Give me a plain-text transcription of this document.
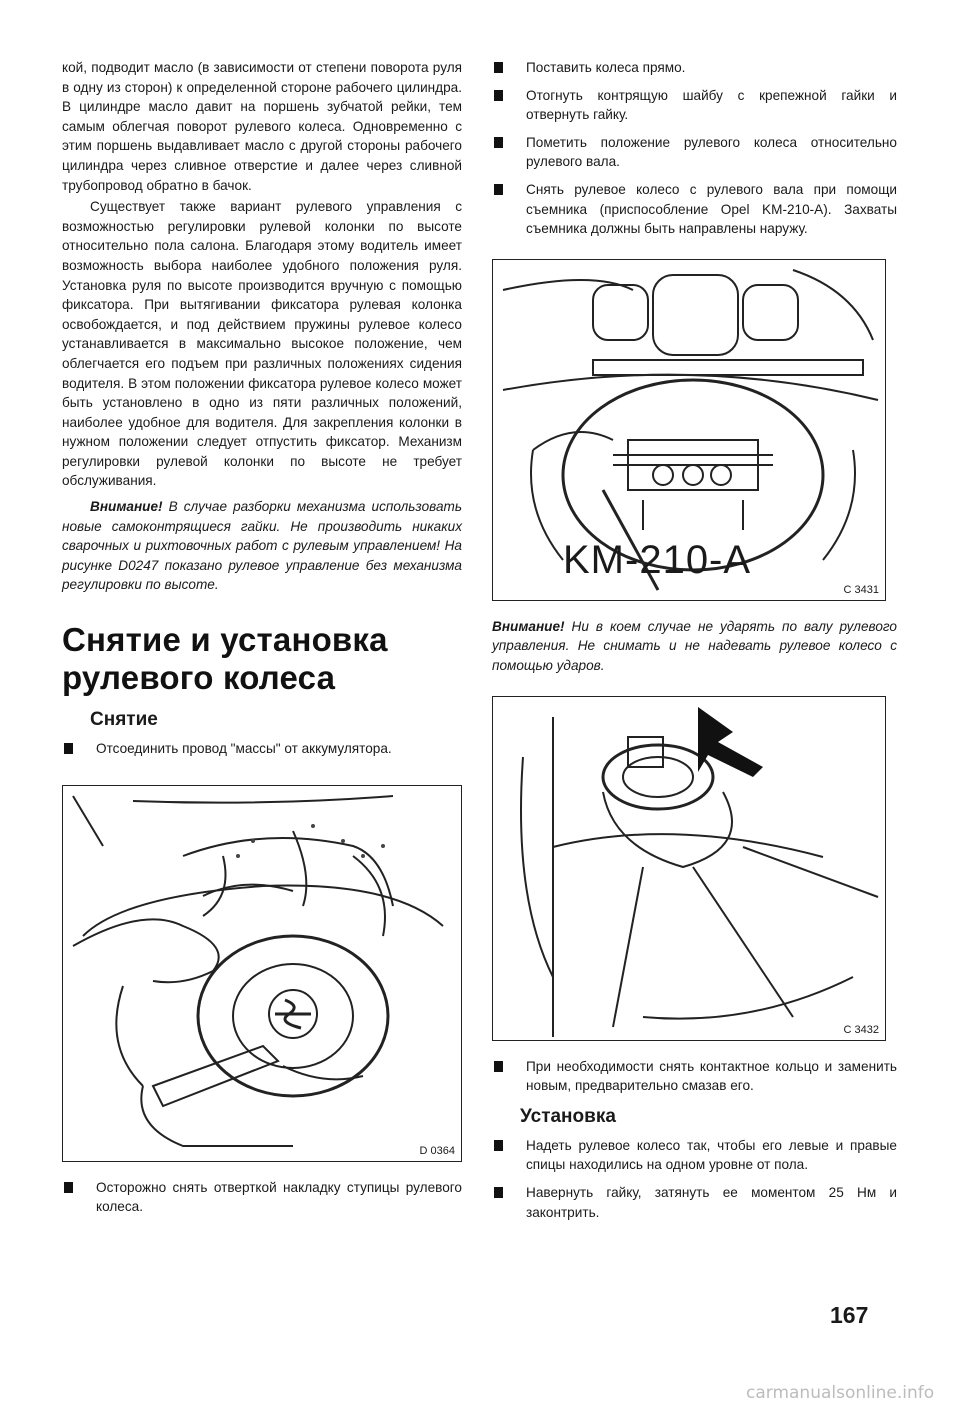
кой, подводит масло (в зависимости от степени поворота руля в одну из сторон) к определенной стороне рабочего цилиндра. В цилиндре масло давит на поршень зубчатой рейки, тем самым облегчая поворот рулевого колеса. Одновременно с этим поршень выдавливает масло с другой стороны рабочего цилиндра через сливное отверстие и далее через сливной трубопровод обратно в бачок.

Существует также вариант рулевого управления с возможностью регулировки рулевой колонки по высоте относительно пола салона. Благодаря этому водитель имеет возможность выбора наиболее удобного положения руля. Установка руля по высоте производится вручную с помощью фиксатора. При вытягивании фиксатора рулевая колонка освобождается, и под действием пружины рулевое колесо устанавливается в максимально высокое положение, чем облегчается его подъем при различных положениях сидения водителя. В этом положении фиксатора рулевое колесо может быть установлено в одно из пяти различных положений, наиболее удобное для водителя. Для закрепления колонки в нужном положении следует отпустить фиксатор. Механизм регулировки рулевой колонки по высоте не требует обслуживания.

Внимание! В случае разборки механизма использовать новые самоконтрящиеся гайки. Не производить никаких сварочных и рихтовочных работ с рулевым управлением! На рисунке D0247 показано рулевое управление без механизма регулировки по высоте.

Снятие и установка
рулевого колеса
Снятие

Отсоединить провод "массы" от аккумулятора.

D 0364

Осторожно снять отверткой накладку ступицы рулевого колеса.

Поставить колеса прямо.

Отогнуть контрящую шайбу с крепежной гайки и отвернуть гайку.

Пометить положение рулевого колеса относительно рулевого вала.

Снять рулевое колесо с рулевого вала при помощи съемника (приспособление Opel KM-210-A). Захваты съемника должны быть направлены наружу.

KM-210-A
C 3431

Внимание! Ни в коем случае не ударять по валу рулевого управления. Не снимать и не надевать рулевое колесо с помощью ударов.

C 3432

При необходимости снять контактное кольцо и заменить новым, предварительно смазав его.

Установка

Надеть рулевое колесо так, чтобы его левые и правые спицы находились на одном уровне от пола.

Навернуть гайку, затянуть ее моментом 25 Нм и законтрить.

167
carmanualsonline.info
